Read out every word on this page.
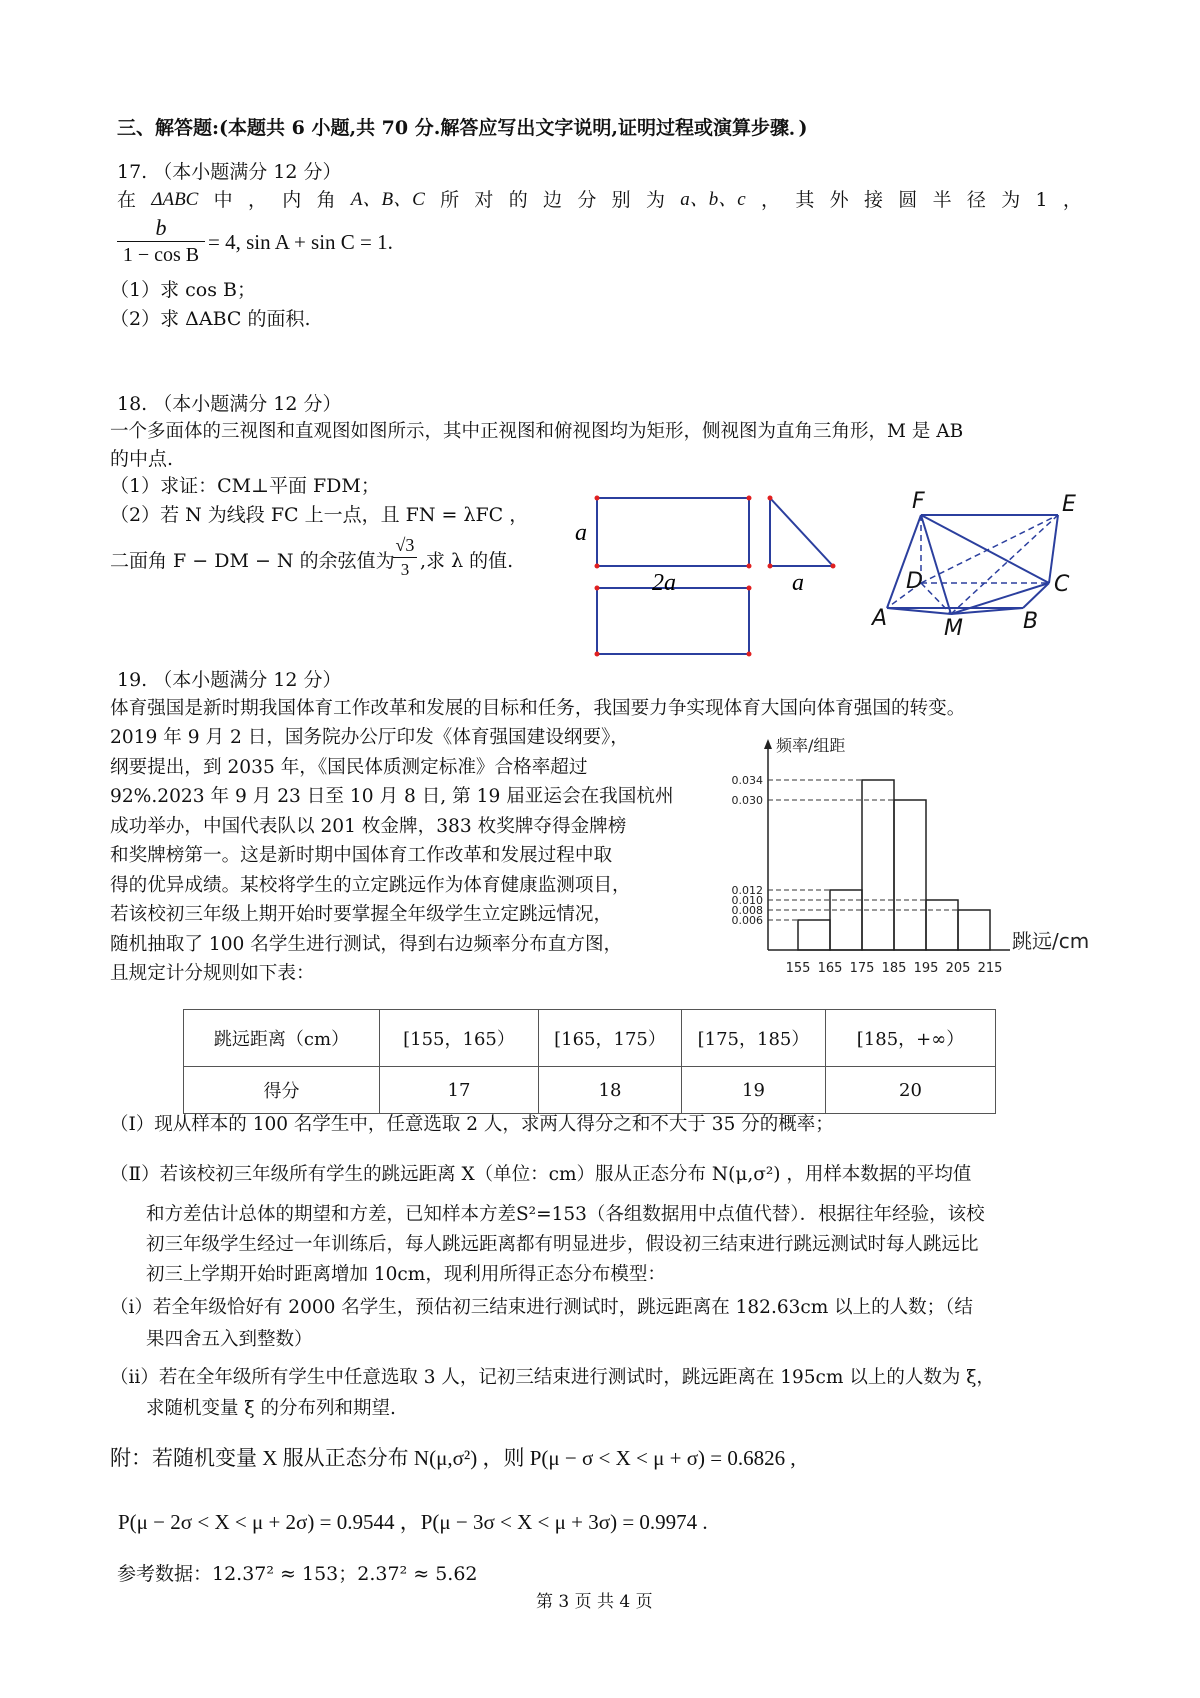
三、解答题:(本题共 6 小题,共 70 分.解答应写出文字说明,证明过程或演算步骤．)
17. （本小题满分 12 分）
在 ΔABC 中 ， 内 角 A、B、C 所 对 的 边 分 别 为 a、b、c ， 其 外 接 圆 半 径 为 1 ，
$\frac{b}{\text{1 − cos B}} = 4$, sin A + sin C = 1.
（1）求 cos B；
（2）求 ΔABC 的面积.
18. （本小题满分 12 分）
一个多面体的三视图和直观图如图所示，其中正视图和俯视图均为矩形，侧视图为直角三角形，M 是 AB
的中点.
（1）求证：CM⊥平面 FDM；
（2）若 N 为线段 FC 上一点，且 FN = λFC ，
二面角 F − DM − N 的余弦值为
$\frac{√3}{3}$ ,求 λ 的值.
a
2a	a
F	E
D	C
A	M	B
19. （本小题满分 12 分）
体育强国是新时期我国体育工作改革和发展的目标和任务，我国要力争实现体育大国向体育强国的转变。
2019 年 9 月 2 日，国务院办公厅印发《体育强国建设纲要》，
纲要提出，到 2035 年，《国民体质测定标准》合格率超过
92%.2023 年 9 月 23 日至 10 月 8 日, 第 19 届亚运会在我国杭州
成功举办，中国代表队以 201 枚金牌，383 枚奖牌夺得金牌榜
和奖牌榜第一。这是新时期中国体育工作改革和发展过程中取
得的优异成绩。某校将学生的立定跳远作为体育健康监测项目，
若该校初三年级上期开始时要掌握全年级学生立定跳远情况，
随机抽取了 100 名学生进行测试，得到右边频率分布直方图，
且规定计分规则如下表：
0.034
0.030
0.012
0.010
0.008
0.006
155 165 175 185 195 205 215
频率/组距
跳远/cm
跳远距离（cm）	[155，165）	[165，175）	[175，185）	[185，+∞）
得分	17	18	19	20
（Ⅰ）现从样本的 100 名学生中，任意选取 2 人，求两人得分之和不大于 35 分的概率；
（Ⅱ）若该校初三年级所有学生的跳远距离 X（单位：cm）服从正态分布 N(μ,σ²) ，用样本数据的平均值
和方差估计总体的期望和方差，已知样本方差S²=153（各组数据用中点值代替）．根据往年经验，该校
初三年级学生经过一年训练后，每人跳远距离都有明显进步，假设初三结束进行跳远测试时每人跳远比
初三上学期开始时距离增加 10cm，现利用所得正态分布模型：
（ⅰ）若全年级恰好有 2000 名学生，预估初三结束进行测试时，跳远距离在 182.63cm 以上的人数；（结
果四舍五入到整数）
（ⅱ）若在全年级所有学生中任意选取 3 人，记初三结束进行测试时，跳远距离在 195cm 以上的人数为 ξ，
求随机变量 ξ 的分布列和期望.
附：若随机变量 X 服从正态分布 N(μ,σ²) ，则 P(μ − σ < X < μ + σ) = 0.6826 ,
P(μ − 2σ < X < μ + 2σ) = 0.9544 ，P(μ − 3σ < X < μ + 3σ) = 0.9974 .
参考数据：12.37² ≈ 153；2.37² ≈ 5.62
第 3 页 共 4 页
